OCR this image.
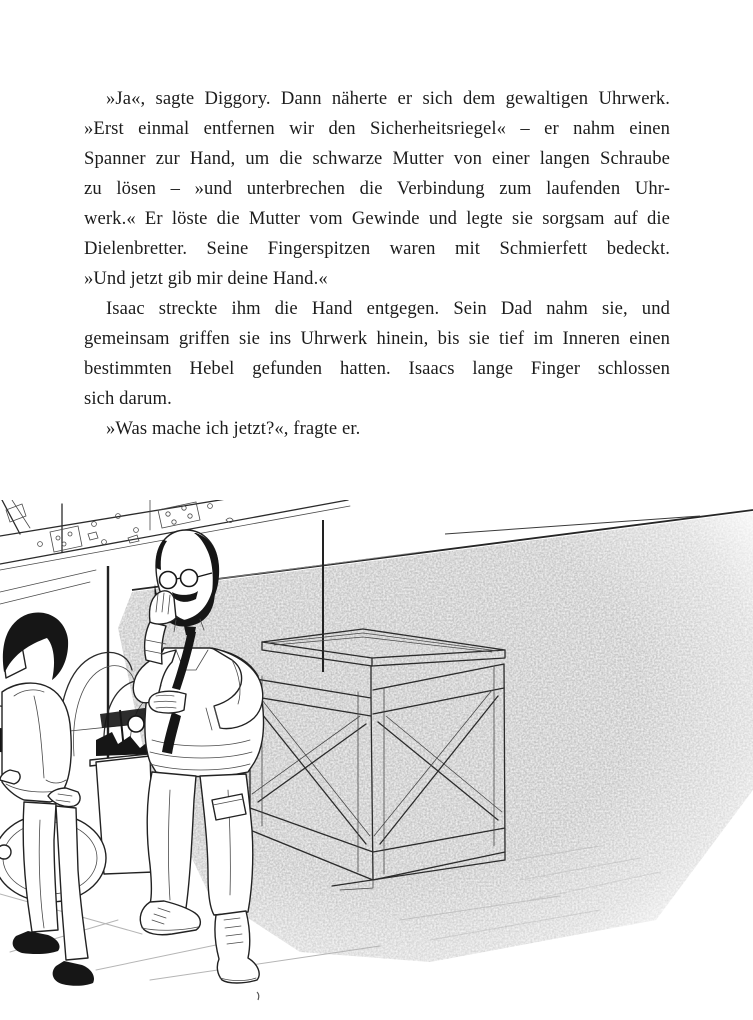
»Ja«, sagte Diggory. Dann näherte er sich dem gewaltigen Uhrwerk.
»Erst einmal entfernen wir den Sicherheitsriegel« – er nahm einen
Spanner zur Hand, um die schwarze Mutter von einer langen Schraube
zu lösen – »und unterbrechen die Verbindung zum laufenden Uhr-
werk.« Er löste die Mutter vom Gewinde und legte sie sorgsam auf die
Dielenbretter. Seine Fingerspitzen waren mit Schmierfett bedeckt.
»Und jetzt gib mir deine Hand.«
Isaac streckte ihm die Hand entgegen. Sein Dad nahm sie, und
gemeinsam griffen sie ins Uhrwerk hinein, bis sie tief im Inneren einen
bestimmten Hebel gefunden hatten. Isaacs lange Finger schlossen
sich darum.
»Was mache ich jetzt?«, fragte er.
